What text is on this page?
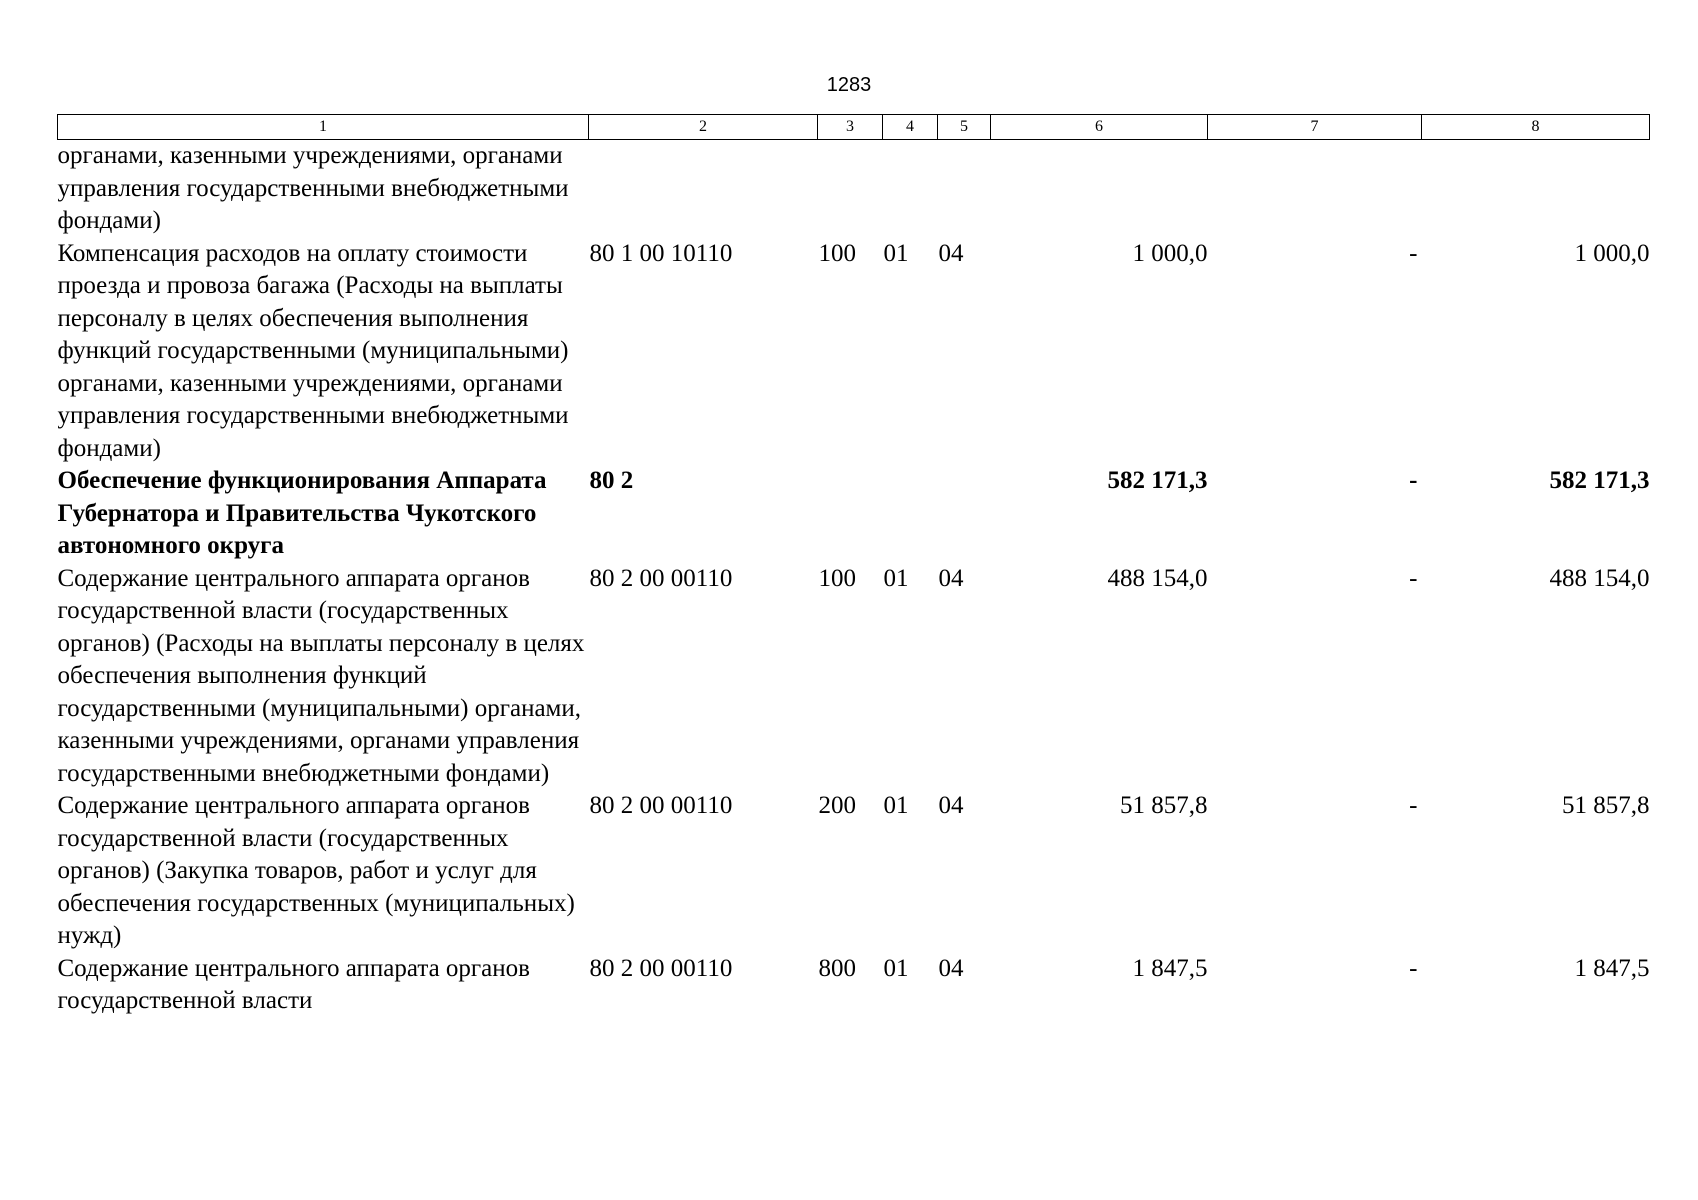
1283
1	2	3	4	5	6	7	8
органами, казенными учреждениями, органами управления государственными внебюджетными фондами)							
Компенсация расходов на оплату стоимости проезда и провоза багажа (Расходы на выплаты персоналу в целях обеспечения выполнения функций государственными (муниципальными) органами, казенными учреждениями, органами управления государственными внебюджетными фондами)	80 1 00 10110	100	01	04	1 000,0	-	1 000,0
Обеспечение функционирования Аппарата Губернатора и Правительства Чукотского автономного округа	80 2				582 171,3	-	582 171,3
Содержание центрального аппарата органов государственной власти (государственных органов) (Расходы на выплаты персоналу в целях обеспечения выполнения функций государственными (муниципальными) органами, казенными учреждениями, органами управления государственными внебюджетными фондами)	80 2 00 00110	100	01	04	488 154,0	-	488 154,0
Содержание центрального аппарата органов государственной власти (государственных органов) (Закупка товаров, работ и услуг для обеспечения государственных (муниципальных) нужд)	80 2 00 00110	200	01	04	51 857,8	-	51 857,8
Содержание центрального аппарата органов государственной власти	80 2 00 00110	800	01	04	1 847,5	-	1 847,5
